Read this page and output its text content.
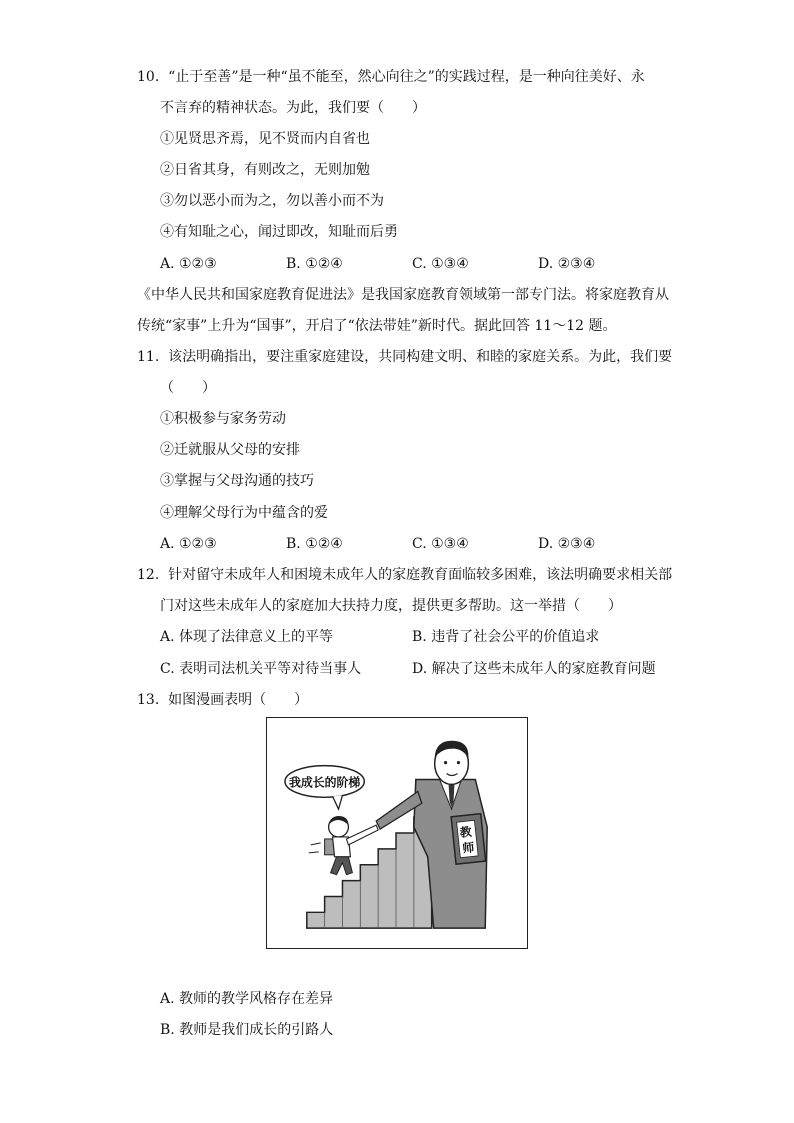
10. “止于至善”是一种“虽不能至，然心向往之”的实践过程，是一种向往美好、永
不言弃的精神状态。为此，我们要（　　）
①见贤思齐焉，见不贤而内自省也
②日省其身，有则改之，无则加勉
③勿以恶小而为之，勿以善小而不为
④有知耻之心，闻过即改，知耻而后勇
A. ①②③	B. ①②④	C. ①③④	D. ②③④
《中华人民共和国家庭教育促进法》是我国家庭教育领域第一部专门法。将家庭教育从
传统“家事”上升为“国事”，开启了“依法带娃”新时代。据此回答 11～12 题。
11. 该法明确指出，要注重家庭建设，共同构建文明、和睦的家庭关系。为此，我们要
（　　）
①积极参与家务劳动
②迁就服从父母的安排
③掌握与父母沟通的技巧
④理解父母行为中蕴含的爱
A. ①②③	B. ①②④	C. ①③④	D. ②③④
12. 针对留守未成年人和困境未成年人的家庭教育面临较多困难，该法明确要求相关部
门对这些未成年人的家庭加大扶持力度，提供更多帮助。这一举措（　　）
A. 体现了法律意义上的平等	B. 违背了社会公平的价值追求
C. 表明司法机关平等对待当事人	D. 解决了这些未成年人的家庭教育问题
13. 如图漫画表明（　　）
教
师
我成长的阶梯
A. 教师的教学风格存在差异
B. 教师是我们成长的引路人
